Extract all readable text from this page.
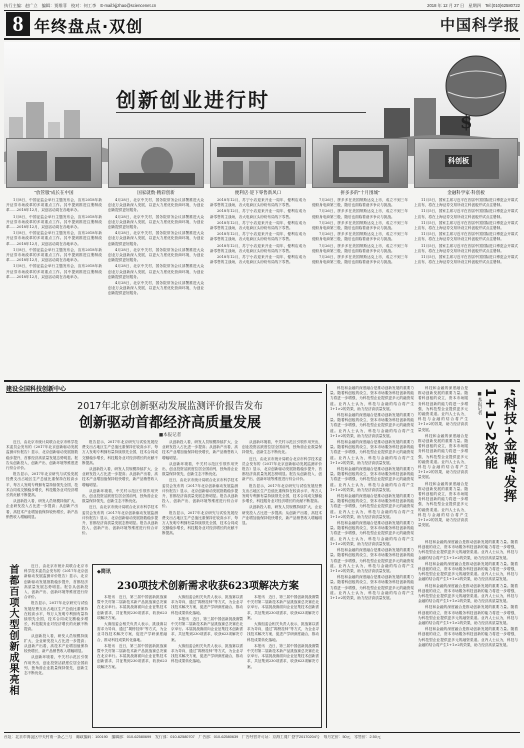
执行主编：赵广立　编辑：贾维菲　校对：何工李　E-mail:kjjzhao@sciencenet.cn	2018 年 12 月 27 日　星期四　Tel:(010)62580722
8 年终盘点·双创	中国科学报
$
创新创业进行时
科创板
“放管服”成长在中国	国家就数·精彩创新	便利店·迎下零售新风口	拼多多的“十月围城”	金融科学家·科创板

1月8日，中国证监会举行主题发布会，宣布2018年新开证券市场改革的多项重点工作。其中提到推进注册制改革……2018年12月，双创活动周在各地举办。

1月8日，中国证监会举行主题发布会，宣布2018年新开证券市场改革的多项重点工作。其中提到推进注册制改革……2018年12月，双创活动周在各地举办。

1月8日，中国证监会举行主题发布会，宣布2018年新开证券市场改革的多项重点工作。其中提到推进注册制改革……2018年12月，双创活动周在各地举办。

1月8日，中国证监会举行主题发布会，宣布2018年新开证券市场改革的多项重点工作。其中提到推进注册制改革……2018年12月，双创活动周在各地举办。

1月8日，中国证监会举行主题发布会，宣布2018年新开证券市场改革的多项重点工作。其中提到推进注册制改革……2018年12月，双创活动周在各地举办。

4月28日，北京中关村，国务院常务会议部署推进大众创业万众创新深入发展，以更大力度优化营商环境，为创业创新提供更好服务。

4月28日，北京中关村，国务院常务会议部署推进大众创业万众创新深入发展，以更大力度优化营商环境，为创业创新提供更好服务。

4月28日，北京中关村，国务院常务会议部署推进大众创业万众创新深入发展，以更大力度优化营商环境，为创业创新提供更好服务。

4月28日，北京中关村，国务院常务会议部署推进大众创业万众创新深入发展，以更大力度优化营商环境，为创业创新提供更好服务。

4月28日，北京中关村，国务院常务会议部署推进大众创业万众创新深入发展，以更大力度优化营商环境，为创业创新提供更好服务。

4月28日，北京中关村，国务院常务会议部署推进大众创业万众创新深入发展，以更大力度优化营商环境，为创业创新提供更好服务。

2018年12月，苏宁小店迎来开业一周年，便利店成为新零售的主战场，各大电商巨头纷纷布局线下零售。

2018年12月，苏宁小店迎来开业一周年，便利店成为新零售的主战场，各大电商巨头纷纷布局线下零售。

2018年12月，苏宁小店迎来开业一周年，便利店成为新零售的主战场，各大电商巨头纷纷布局线下零售。

2018年12月，苏宁小店迎来开业一周年，便利店成为新零售的主战场，各大电商巨头纷纷布局线下零售。

2018年12月，苏宁小店迎来开业一周年，便利店成为新零售的主战场，各大电商巨头纷纷布局线下零售。

2018年12月，苏宁小店迎来开业一周年，便利店成为新零售的主战场，各大电商巨头纷纷布局线下零售。

7月26日，拼多多在美国纳斯达克上市，成立不到三年便跻身电商第三极，随后也面临着诸多争议与挑战。

7月26日，拼多多在美国纳斯达克上市，成立不到三年便跻身电商第三极，随后也面临着诸多争议与挑战。

7月26日，拼多多在美国纳斯达克上市，成立不到三年便跻身电商第三极，随后也面临着诸多争议与挑战。

7月26日，拼多多在美国纳斯达克上市，成立不到三年便跻身电商第三极，随后也面临着诸多争议与挑战。

7月26日，拼多多在美国纳斯达克上市，成立不到三年便跻身电商第三极，随后也面临着诸多争议与挑战。

7月26日，拼多多在美国纳斯达克上市，成立不到三年便跻身电商第三极，随后也面临着诸多争议与挑战。

11月5日，国家主席习近平在首届中国国际进口博览会开幕式上宣布，将在上海证券交易所设立科创板并试点注册制。

11月5日，国家主席习近平在首届中国国际进口博览会开幕式上宣布，将在上海证券交易所设立科创板并试点注册制。

11月5日，国家主席习近平在首届中国国际进口博览会开幕式上宣布，将在上海证券交易所设立科创板并试点注册制。

11月5日，国家主席习近平在首届中国国际进口博览会开幕式上宣布，将在上海证券交易所设立科创板并试点注册制。

11月5日，国家主席习近平在首届中国国际进口博览会开幕式上宣布，将在上海证券交易所设立科创板并试点注册制。

11月5日，国家主席习近平在首届中国国际进口博览会开幕式上宣布，将在上海证券交易所设立科创板并试点注册制。

建设全国科技创新中心
2017年北京创新驱动发展监测评价报告发布
创新驱动首都经济高质量发展
■本报记者

近日，由北京市统计局联合北京市科学技术委员会发布的《2017年北京创新驱动发展监测评价报告》显示，北京创新驱动发展指数稳步提升，首都经济高质量发展态势明显。报告从创新投入、创新产出、创新环境等维度进行综合评价。

报告显示，2017年北京研究与试验发展经费支出占地区生产总值比重保持在较高水平，每万人发明专利拥有量持续领先全国，技术合同成交额稳步增长，科技服务业对经济增长的贡献不断提高。

从创新投入看，研发人员规模持续扩大，企业研发投入占比进一步提高；从创新产出看，高技术产业增加值保持较快增长，新产品销售收入增幅明显。

报告显示，2017年北京研究与试验发展经费支出占地区生产总值比重保持在较高水平，每万人发明专利拥有量持续领先全国，技术合同成交额稳步增长，科技服务业对经济增长的贡献不断提高。

从创新投入看，研发人员规模持续扩大，企业研发投入占比进一步提高；从创新产出看，高技术产业增加值保持较快增长，新产品销售收入增幅明显。

从创新环境看，中关村示范区引领作用突出，创业投资活跃度位居全国前列，独角兽企业数量保持领先，创新生态不断优化。

近日，由北京市统计局联合北京市科学技术委员会发布的《2017年北京创新驱动发展监测评价报告》显示，北京创新驱动发展指数稳步提升，首都经济高质量发展态势明显。报告从创新投入、创新产出、创新环境等维度进行综合评价。

从创新投入看，研发人员规模持续扩大，企业研发投入占比进一步提高；从创新产出看，高技术产业增加值保持较快增长，新产品销售收入增幅明显。

从创新环境看，中关村示范区引领作用突出，创业投资活跃度位居全国前列，独角兽企业数量保持领先，创新生态不断优化。

近日，由北京市统计局联合北京市科学技术委员会发布的《2017年北京创新驱动发展监测评价报告》显示，北京创新驱动发展指数稳步提升，首都经济高质量发展态势明显。报告从创新投入、创新产出、创新环境等维度进行综合评价。

报告显示，2017年北京研究与试验发展经费支出占地区生产总值比重保持在较高水平，每万人发明专利拥有量持续领先全国，技术合同成交额稳步增长，科技服务业对经济增长的贡献不断提高。

从创新环境看，中关村示范区引领作用突出，创业投资活跃度位居全国前列，独角兽企业数量保持领先，创新生态不断优化。

近日，由北京市统计局联合北京市科学技术委员会发布的《2017年北京创新驱动发展监测评价报告》显示，北京创新驱动发展指数稳步提升，首都经济高质量发展态势明显。报告从创新投入、创新产出、创新环境等维度进行综合评价。

报告显示，2017年北京研究与试验发展经费支出占地区生产总值比重保持在较高水平，每万人发明专利拥有量持续领先全国，技术合同成交额稳步增长，科技服务业对经济增长的贡献不断提高。

从创新投入看，研发人员规模持续扩大，企业研发投入占比进一步提高；从创新产出看，高技术产业增加值保持较快增长，新产品销售收入增幅明显。

首都百项大型创新成果亮相	近日，由北京市统计局联合北京市科学技术委员会发布的《2017年北京创新驱动发展监测评价报告》显示，北京创新驱动发展指数稳步提升，首都经济高质量发展态势明显。报告从创新投入、创新产出、创新环境等维度进行综合评价。

报告显示，2017年北京研究与试验发展经费支出占地区生产总值比重保持在较高水平，每万人发明专利拥有量持续领先全国，技术合同成交额稳步增长，科技服务业对经济增长的贡献不断提高。

从创新投入看，研发人员规模持续扩大，企业研发投入占比进一步提高；从创新产出看，高技术产业增加值保持较快增长，新产品销售收入增幅明显。

从创新环境看，中关村示范区引领作用突出，创业投资活跃度位居全国前列，独角兽企业数量保持领先，创新生态不断优化。

◆简讯
230项技术创新需求收获623项解决方案

本报讯　近日，第三届中国创新挑战赛暨中关村第二届新技术新产品挑战赛总决赛在北京举行。本届挑战赛面向企业征集技术创新需求，共征集到230项需求，收获623项解决方案。

大赛组委会相关负责人表示，挑战赛以需求为导向，通过“揭榜挂帅”等方式，为企业寻找技术解决方案，促进产学研深度融合，推动科技成果转化落地。

本报讯　近日，第三届中国创新挑战赛暨中关村第二届新技术新产品挑战赛总决赛在北京举行。本届挑战赛面向企业征集技术创新需求，共征集到230项需求，收获623项解决方案。

大赛组委会相关负责人表示，挑战赛以需求为导向，通过“揭榜挂帅”等方式，为企业寻找技术解决方案，促进产学研深度融合，推动科技成果转化落地。

本报讯　近日，第三届中国创新挑战赛暨中关村第二届新技术新产品挑战赛总决赛在北京举行。本届挑战赛面向企业征集技术创新需求，共征集到230项需求，收获623项解决方案。

大赛组委会相关负责人表示，挑战赛以需求为导向，通过“揭榜挂帅”等方式，为企业寻找技术解决方案，促进产学研深度融合，推动科技成果转化落地。

本报讯　近日，第三届中国创新挑战赛暨中关村第二届新技术新产品挑战赛总决赛在北京举行。本届挑战赛面向企业征集技术创新需求，共征集到230项需求，收获623项解决方案。

大赛组委会相关负责人表示，挑战赛以需求为导向，通过“揭榜挂帅”等方式，为企业寻找技术解决方案，促进产学研深度融合，推动科技成果转化落地。

本报讯　近日，第三届中国创新挑战赛暨中关村第二届新技术新产品挑战赛总决赛在北京举行。本届挑战赛面向企业征集技术创新需求，共征集到230项需求，收获623项解决方案。

科技和金融的深度融合是推动创新发展的重要力量。随着科创板的设立，资本市场服务科技创新的能力将进一步增强，为科技型企业提供更多元的融资渠道。业内人士认为，科技与金融的结合将产生1+1>2的效果，助力经济高质量发展。

科技和金融的深度融合是推动创新发展的重要力量。随着科创板的设立，资本市场服务科技创新的能力将进一步增强，为科技型企业提供更多元的融资渠道。业内人士认为，科技与金融的结合将产生1+1>2的效果，助力经济高质量发展。

科技和金融的深度融合是推动创新发展的重要力量。随着科创板的设立，资本市场服务科技创新的能力将进一步增强，为科技型企业提供更多元的融资渠道。业内人士认为，科技与金融的结合将产生1+1>2的效果，助力经济高质量发展。

科技和金融的深度融合是推动创新发展的重要力量。随着科创板的设立，资本市场服务科技创新的能力将进一步增强，为科技型企业提供更多元的融资渠道。业内人士认为，科技与金融的结合将产生1+1>2的效果，助力经济高质量发展。

科技和金融的深度融合是推动创新发展的重要力量。随着科创板的设立，资本市场服务科技创新的能力将进一步增强，为科技型企业提供更多元的融资渠道。业内人士认为，科技与金融的结合将产生1+1>2的效果，助力经济高质量发展。

科技和金融的深度融合是推动创新发展的重要力量。随着科创板的设立，资本市场服务科技创新的能力将进一步增强，为科技型企业提供更多元的融资渠道。业内人士认为，科技与金融的结合将产生1+1>2的效果，助力经济高质量发展。

科技和金融的深度融合是推动创新发展的重要力量。随着科创板的设立，资本市场服务科技创新的能力将进一步增强，为科技型企业提供更多元的融资渠道。业内人士认为，科技与金融的结合将产生1+1>2的效果，助力经济高质量发展。

科技和金融的深度融合是推动创新发展的重要力量。随着科创板的设立，资本市场服务科技创新的能力将进一步增强，为科技型企业提供更多元的融资渠道。业内人士认为，科技与金融的结合将产生1+1>2的效果，助力经济高质量发展。

科技和金融的深度融合是推动创新发展的重要力量。随着科创板的设立，资本市场服务科技创新的能力将进一步增强，为科技型企业提供更多元的融资渠道。业内人士认为，科技与金融的结合将产生1+1>2的效果，助力经济高质量发展。

科技和金融的深度融合是推动创新发展的重要力量。随着科创板的设立，资本市场服务科技创新的能力将进一步增强，为科技型企业提供更多元的融资渠道。业内人士认为，科技与金融的结合将产生1+1>2的效果，助力经济高质量发展。

科技和金融的深度融合是推动创新发展的重要力量。随着科创板的设立，资本市场服务科技创新的能力将进一步增强，为科技型企业提供更多元的融资渠道。业内人士认为，科技与金融的结合将产生1+1>2的效果，助力经济高质量发展。

科技和金融的深度融合是推动创新发展的重要力量。随着科创板的设立，资本市场服务科技创新的能力将进一步增强，为科技型企业提供更多元的融资渠道。业内人士认为，科技与金融的结合将产生1+1>2的效果，助力经济高质量发展。

科技和金融的深度融合是推动创新发展的重要力量。随着科创板的设立，资本市场服务科技创新的能力将进一步增强，为科技型企业提供更多元的融资渠道。业内人士认为，科技与金融的结合将产生1+1>2的效果，助力经济高质量发展。

“科技+金融”发挥1+1>2效能
■本报记者

科技和金融的深度融合是推动创新发展的重要力量。随着科创板的设立，资本市场服务科技创新的能力将进一步增强，为科技型企业提供更多元的融资渠道。业内人士认为，科技与金融的结合将产生1+1>2的效果，助力经济高质量发展。

科技和金融的深度融合是推动创新发展的重要力量。随着科创板的设立，资本市场服务科技创新的能力将进一步增强，为科技型企业提供更多元的融资渠道。业内人士认为，科技与金融的结合将产生1+1>2的效果，助力经济高质量发展。

科技和金融的深度融合是推动创新发展的重要力量。随着科创板的设立，资本市场服务科技创新的能力将进一步增强，为科技型企业提供更多元的融资渠道。业内人士认为，科技与金融的结合将产生1+1>2的效果，助力经济高质量发展。

社址：北京市海淀区中关村南一条乙三号　邮政编码：100190　编辑部：010-62580699　发行部：010-62580707　广告部：010-62580639　广告经营许可证：京海工商广登字20170204号　每月定价：50元　零售价：2.50元
